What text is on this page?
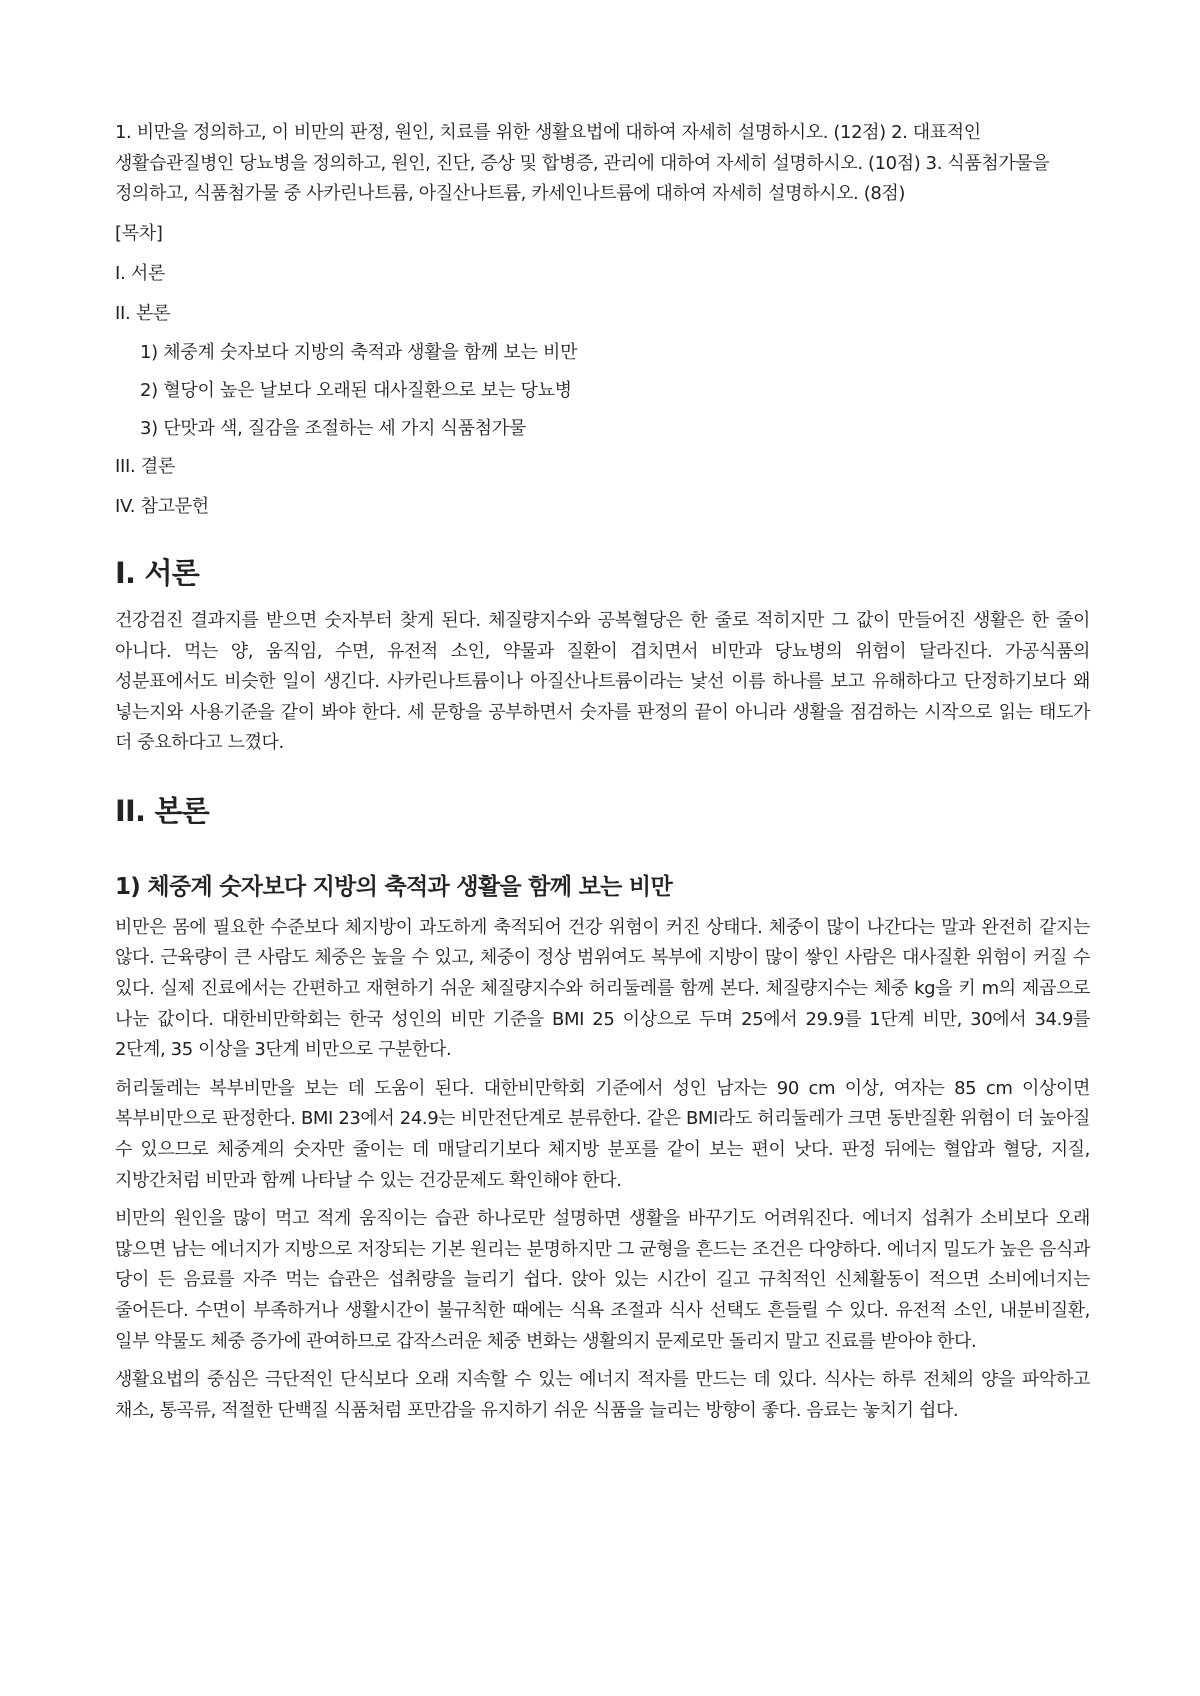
1. 비만을 정의하고, 이 비만의 판정, 원인, 치료를 위한 생활요법에 대하여 자세히 설명하시오. (12점) 2. 대표적인 생활습관질병인 당뇨병을 정의하고, 원인, 진단, 증상 및 합병증, 관리에 대하여 자세히 설명하시오. (10점) 3. 식품첨가물을 정의하고, 식품첨가물 중 사카린나트륨, 아질산나트륨, 카세인나트륨에 대하여 자세히 설명하시오. (8점)

[목차]
I. 서론
II. 본론
1) 체중계 숫자보다 지방의 축적과 생활을 함께 보는 비만
2) 혈당이 높은 날보다 오래된 대사질환으로 보는 당뇨병
3) 단맛과 색, 질감을 조절하는 세 가지 식품첨가물
III. 결론
IV. 참고문헌
I. 서론

건강검진 결과지를 받으면 숫자부터 찾게 된다. 체질량지수와 공복혈당은 한 줄로 적히지만 그 값이 만들어진 생활은 한 줄이 아니다. 먹는 양, 움직임, 수면, 유전적 소인, 약물과 질환이 겹치면서 비만과 당뇨병의 위험이 달라진다. 가공식품의 성분표에서도 비슷한 일이 생긴다. 사카린나트륨이나 아질산나트륨이라는 낯선 이름 하나를 보고 유해하다고 단정하기보다 왜 넣는지와 사용기준을 같이 봐야 한다. 세 문항을 공부하면서 숫자를 판정의 끝이 아니라 생활을 점검하는 시작으로 읽는 태도가 더 중요하다고 느꼈다.

II. 본론
1) 체중계 숫자보다 지방의 축적과 생활을 함께 보는 비만

비만은 몸에 필요한 수준보다 체지방이 과도하게 축적되어 건강 위험이 커진 상태다. 체중이 많이 나간다는 말과 완전히 같지는 않다. 근육량이 큰 사람도 체중은 높을 수 있고, 체중이 정상 범위여도 복부에 지방이 많이 쌓인 사람은 대사질환 위험이 커질 수 있다. 실제 진료에서는 간편하고 재현하기 쉬운 체질량지수와 허리둘레를 함께 본다. 체질량지수는 체중 kg을 키 m의 제곱으로 나눈 값이다. 대한비만학회는 한국 성인의 비만 기준을 BMI 25 이상으로 두며 25에서 29.9를 1단계 비만, 30에서 34.9를 2단계, 35 이상을 3단계 비만으로 구분한다.

허리둘레는 복부비만을 보는 데 도움이 된다. 대한비만학회 기준에서 성인 남자는 90 cm 이상, 여자는 85 cm 이상이면 복부비만으로 판정한다. BMI 23에서 24.9는 비만전단계로 분류한다. 같은 BMI라도 허리둘레가 크면 동반질환 위험이 더 높아질 수 있으므로 체중계의 숫자만 줄이는 데 매달리기보다 체지방 분포를 같이 보는 편이 낫다. 판정 뒤에는 혈압과 혈당, 지질, 지방간처럼 비만과 함께 나타날 수 있는 건강문제도 확인해야 한다.

비만의 원인을 많이 먹고 적게 움직이는 습관 하나로만 설명하면 생활을 바꾸기도 어려워진다. 에너지 섭취가 소비보다 오래 많으면 남는 에너지가 지방으로 저장되는 기본 원리는 분명하지만 그 균형을 흔드는 조건은 다양하다. 에너지 밀도가 높은 음식과 당이 든 음료를 자주 먹는 습관은 섭취량을 늘리기 쉽다. 앉아 있는 시간이 길고 규칙적인 신체활동이 적으면 소비에너지는 줄어든다. 수면이 부족하거나 생활시간이 불규칙한 때에는 식욕 조절과 식사 선택도 흔들릴 수 있다. 유전적 소인, 내분비질환, 일부 약물도 체중 증가에 관여하므로 갑작스러운 체중 변화는 생활의지 문제로만 돌리지 말고 진료를 받아야 한다.

생활요법의 중심은 극단적인 단식보다 오래 지속할 수 있는 에너지 적자를 만드는 데 있다. 식사는 하루 전체의 양을 파악하고 채소, 통곡류, 적절한 단백질 식품처럼 포만감을 유지하기 쉬운 식품을 늘리는 방향이 좋다. 음료는 놓치기 쉽다.
